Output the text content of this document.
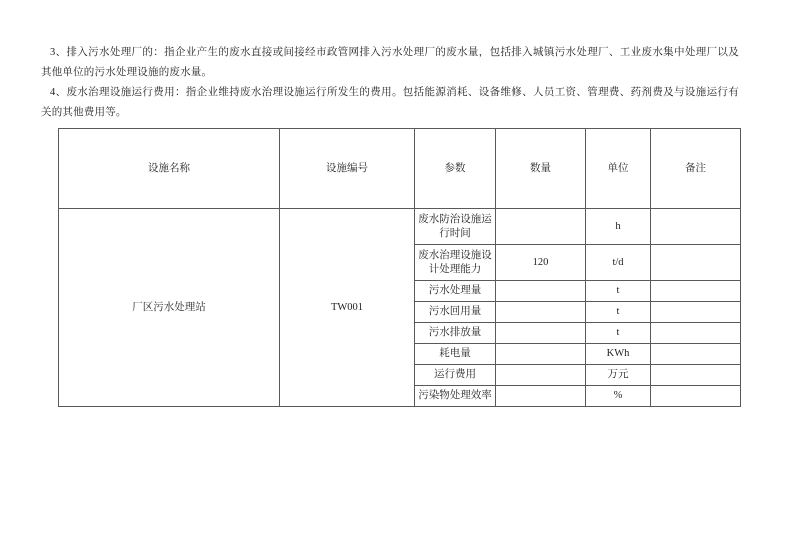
3、排入污水处理厂的：指企业产生的废水直接或间接经市政管网排入污水处理厂的废水量，包括排入城镇污水处理厂、工业废水集中处理厂以及其他单位的污水处理设施的废水量。

4、废水治理设施运行费用：指企业维持废水治理设施运行所发生的费用。包括能源消耗、设备维修、人员工资、管理费、药剂费及与设施运行有关的其他费用等。

设施名称	设施编号	参数	数量	单位	备注
厂区污水处理站	TW001	废水防治设施运行时间		h	
		废水治理设施设计处理能力	120	t/d	
		污水处理量		t	
		污水回用量		t	
		污水排放量		t	
		耗电量		KWh	
		运行费用		万元	
		污染物处理效率		%	
